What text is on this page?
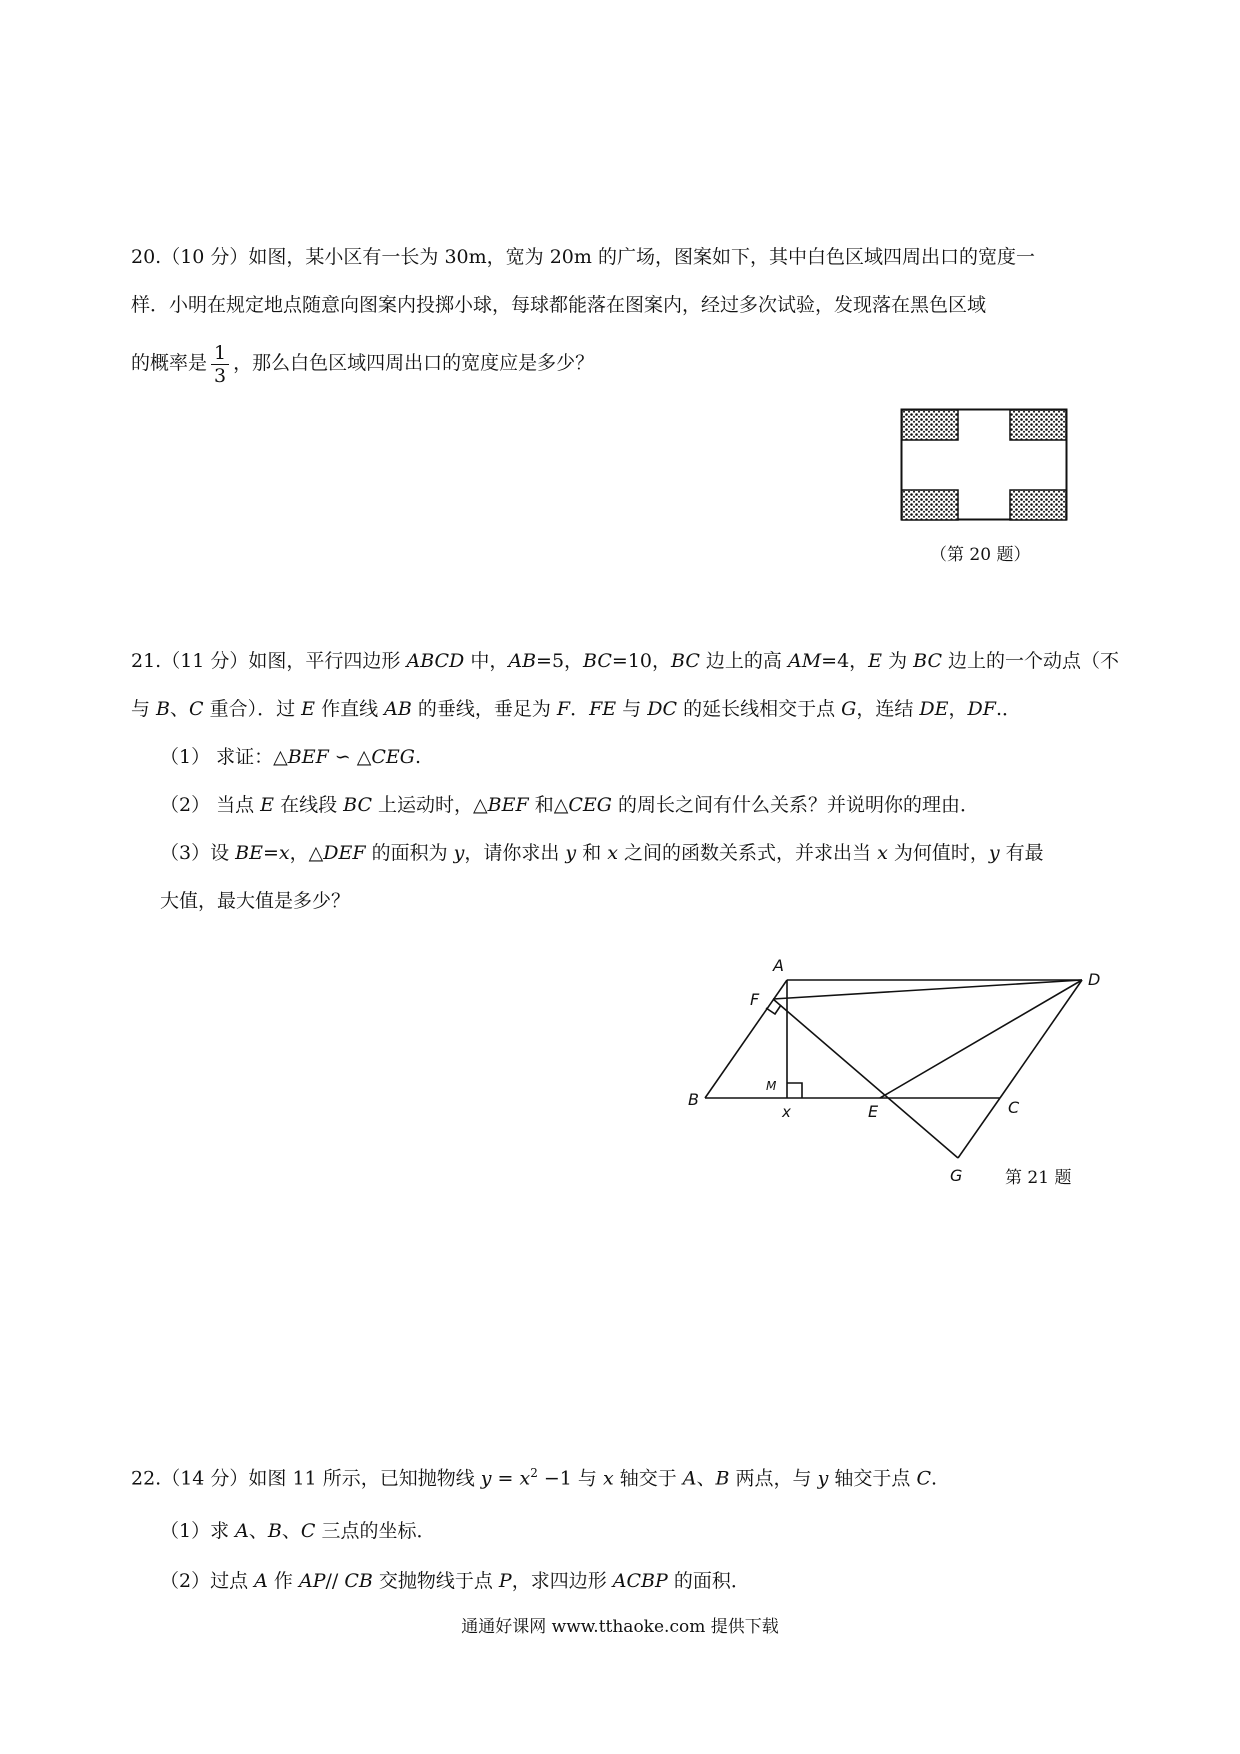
20.（10 分）如图，某小区有一长为 30m，宽为 20m 的广场，图案如下，其中白色区域四周出口的宽度一
样．小明在规定地点随意向图案内投掷小球，每球都能落在图案内，经过多次试验，发现落在黑色区域
的概率是 $\frac{1}{3}$ ，那么白色区域四周出口的宽度应是多少？
（第 20 题）
21.（11 分）如图，平行四边形 ABCD 中，AB=5，BC=10，BC 边上的高 AM=4，E 为 BC 边上的一个动点（不
与 B、C 重合）．过 E 作直线 AB 的垂线，垂足为 F．FE 与 DC 的延长线相交于点 G，连结 DE，DF.．
（1） 求证：△BEF ∽ △CEG.
（2） 当点 E 在线段 BC 上运动时，△BEF 和△CEG 的周长之间有什么关系？并说明你的理由．
（3）设 BE=x，△DEF 的面积为 y，请你求出 y 和 x 之间的函数关系式，并求出当 x 为何值时，y 有最
大值，最大值是多少？
A
D
F
B
M
x	E	C
G	第 21 题
22.（14 分）如图 11 所示，已知抛物线 $y = x^2 -1$ 与 x 轴交于 A、B 两点，与 y 轴交于点 C.
（1）求 A、B、C 三点的坐标．
（2）过点 A 作 AP// CB 交抛物线于点 P，求四边形 ACBP 的面积．
通通好课网 www.tthaoke.com 提供下载
